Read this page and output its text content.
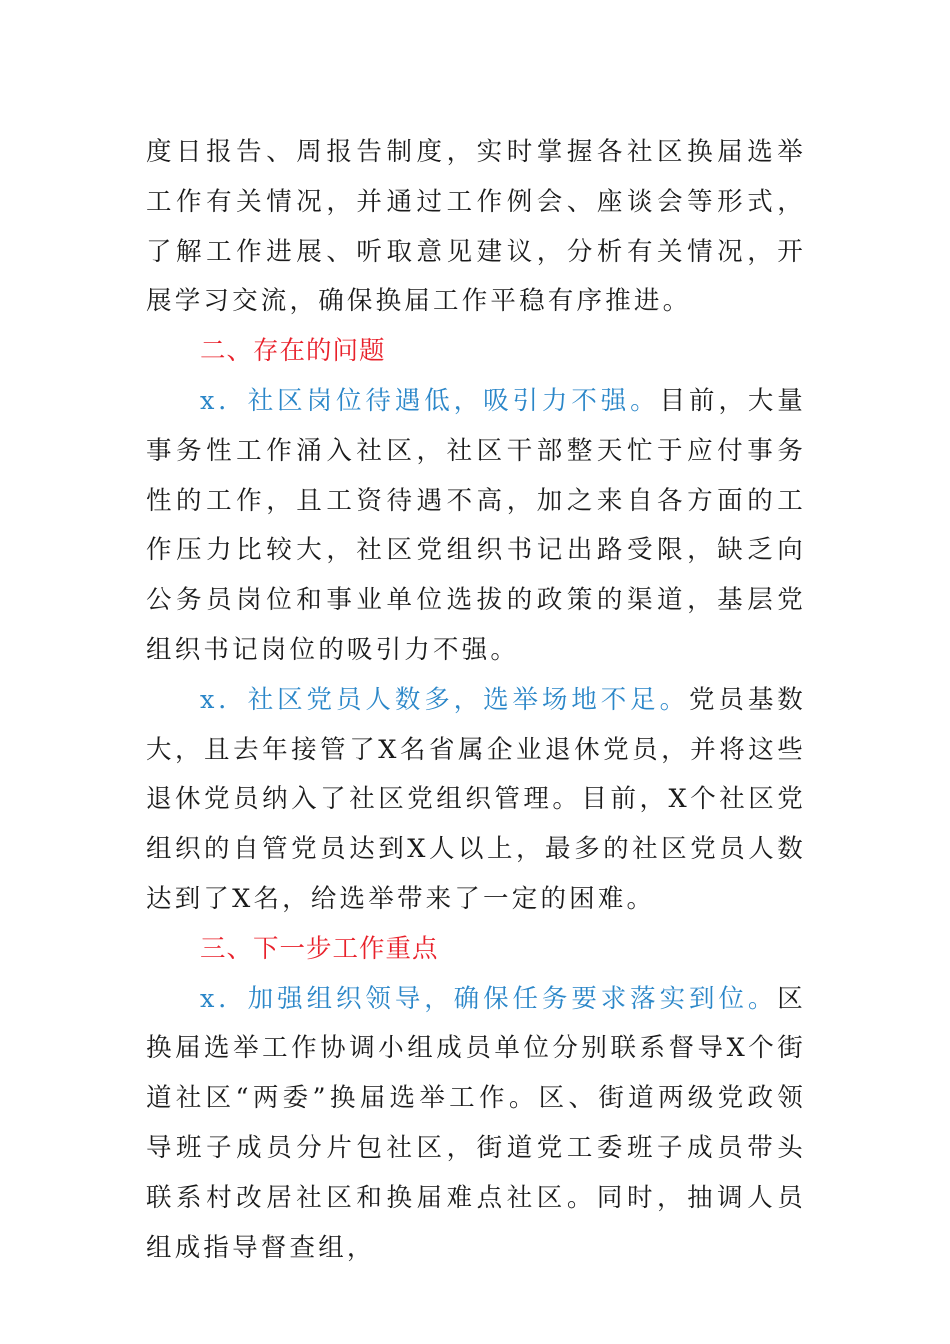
度日报告、周报告制度，实时掌握各社区换届选举工作有关情况，并通过工作例会、座谈会等形式，了解工作进展、听取意见建议，分析有关情况，开展学习交流，确保换届工作平稳有序推进。

二、存在的问题

x．社区岗位待遇低，吸引力不强。目前，大量事务性工作涌入社区，社区干部整天忙于应付事务性的工作，且工资待遇不高，加之来自各方面的工作压力比较大，社区党组织书记出路受限，缺乏向公务员岗位和事业单位选拔的政策的渠道，基层党组织书记岗位的吸引力不强。

x．社区党员人数多，选举场地不足。党员基数大，且去年接管了X名省属企业退休党员，并将这些退休党员纳入了社区党组织管理。目前，X个社区党组织的自管党员达到X人以上，最多的社区党员人数达到了X名，给选举带来了一定的困难。

三、下一步工作重点

x．加强组织领导，确保任务要求落实到位。区换届选举工作协调小组成员单位分别联系督导X个街道社区“两委”换届选举工作。区、街道两级党政领导班子成员分片包社区，街道党工委班子成员带头联系村改居社区和换届难点社区。同时，抽调人员组成指导督查组，
